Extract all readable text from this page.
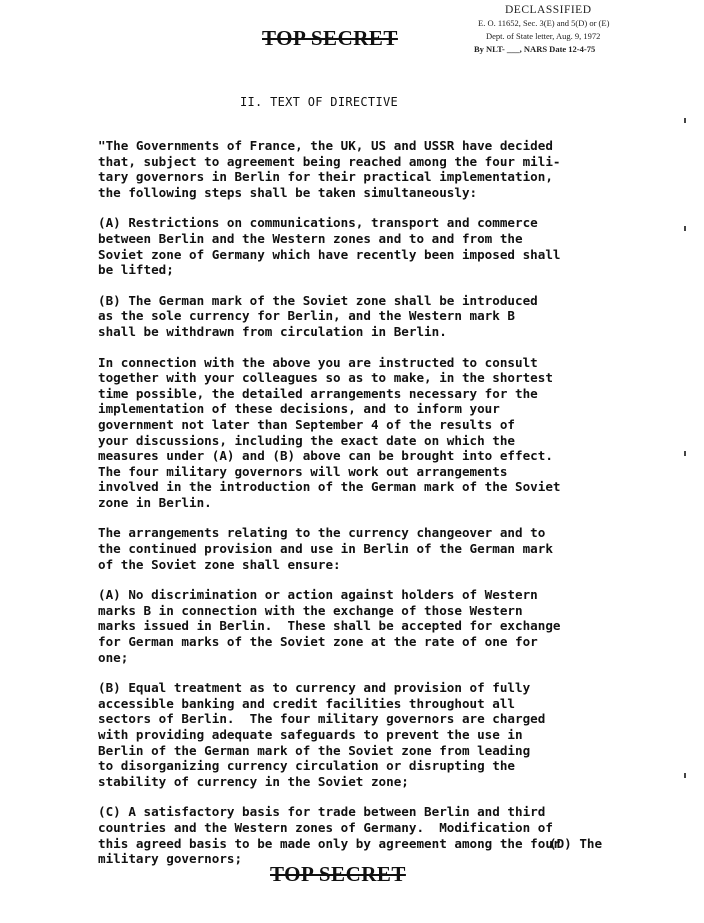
TOP SECRET
DECLASSIFIED
E. O. 11652, Sec. 3(E) and 5(D) or (E)
Dept. of State letter, Aug. 9, 1972
By NLT- ___, NARS Date 12-4-75
II. TEXT OF DIRECTIVE

"The Governments of France, the UK, US and USSR have decided
that, subject to agreement being reached among the four mili-
tary governors in Berlin for their practical implementation,
the following steps shall be taken simultaneously:

(A) Restrictions on communications, transport and commerce
between Berlin and the Western zones and to and from the
Soviet zone of Germany which have recently been imposed shall
be lifted;

(B) The German mark of the Soviet zone shall be introduced
as the sole currency for Berlin, and the Western mark B
shall be withdrawn from circulation in Berlin.

In connection with the above you are instructed to consult
together with your colleagues so as to make, in the shortest
time possible, the detailed arrangements necessary for the
implementation of these decisions, and to inform your
government not later than September 4 of the results of
your discussions, including the exact date on which the
measures under (A) and (B) above can be brought into effect.
The four military governors will work out arrangements
involved in the introduction of the German mark of the Soviet
zone in Berlin.

The arrangements relating to the currency changeover and to
the continued provision and use in Berlin of the German mark
of the Soviet zone shall ensure:

(A) No discrimination or action against holders of Western
marks B in connection with the exchange of those Western
marks issued in Berlin.  These shall be accepted for exchange
for German marks of the Soviet zone at the rate of one for
one;

(B) Equal treatment as to currency and provision of fully
accessible banking and credit facilities throughout all
sectors of Berlin.  The four military governors are charged
with providing adequate safeguards to prevent the use in
Berlin of the German mark of the Soviet zone from leading
to disorganizing currency circulation or disrupting the
stability of currency in the Soviet zone;

(C) A satisfactory basis for trade between Berlin and third
countries and the Western zones of Germany.  Modification of
this agreed basis to be made only by agreement among the four
military governors;

(D) The
TOP SECRET
